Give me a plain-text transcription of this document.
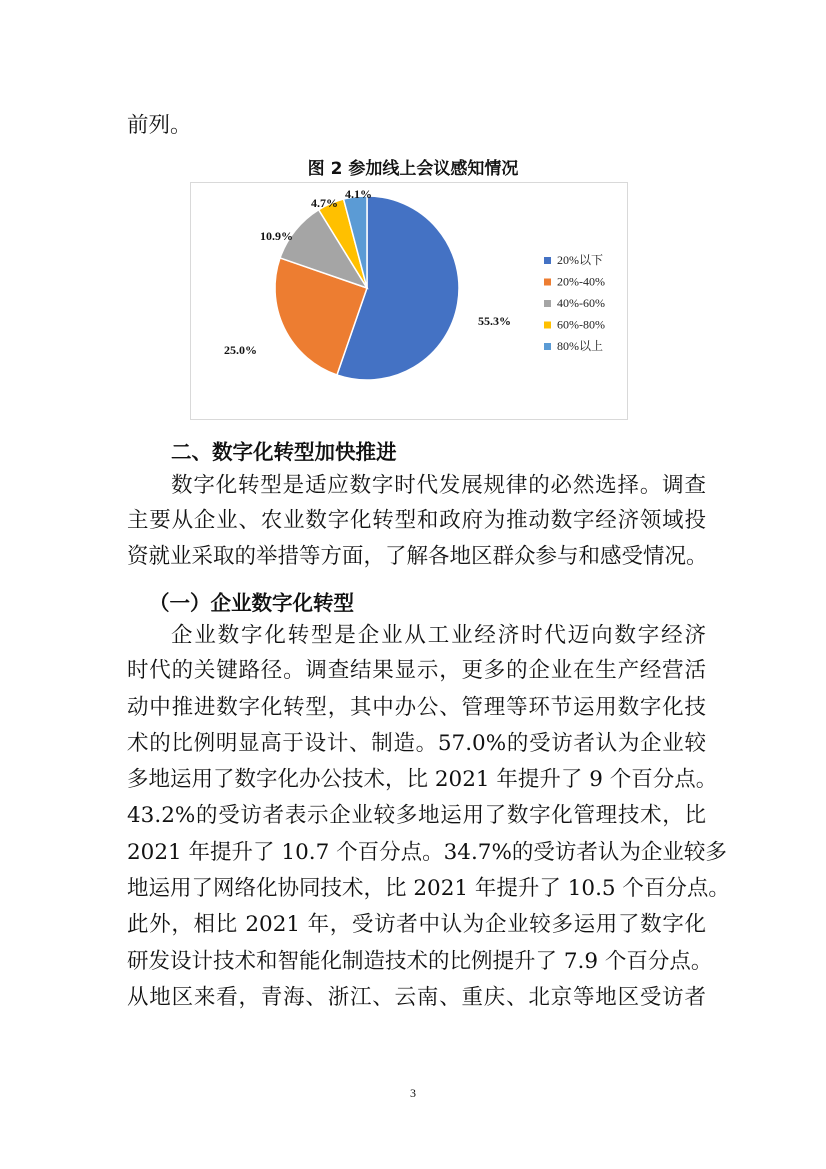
前列。
图 2 参加线上会议感知情况
55.3%
25.0%
10.9%
4.7%
4.1%
20%以下
20%-40%
40%-60%
60%-80%
80%以上
二、数字化转型加快推进
数字化转型是适应数字时代发展规律的必然选择。调查
主要从企业、农业数字化转型和政府为推动数字经济领域投
资就业采取的举措等方面，了解各地区群众参与和感受情况。
（一）企业数字化转型
企业数字化转型是企业从工业经济时代迈向数字经济
时代的关键路径。调查结果显示，更多的企业在生产经营活
动中推进数字化转型，其中办公、管理等环节运用数字化技
术的比例明显高于设计、制造。57.0%的受访者认为企业较
多地运用了数字化办公技术，比 2021 年提升了 9 个百分点。
43.2%的受访者表示企业较多地运用了数字化管理技术，比
2021 年提升了 10.7 个百分点。34.7%的受访者认为企业较多
地运用了网络化协同技术，比 2021 年提升了 10.5 个百分点。
此外，相比 2021 年，受访者中认为企业较多运用了数字化
研发设计技术和智能化制造技术的比例提升了 7.9 个百分点。
从地区来看，青海、浙江、云南、重庆、北京等地区受访者
3
